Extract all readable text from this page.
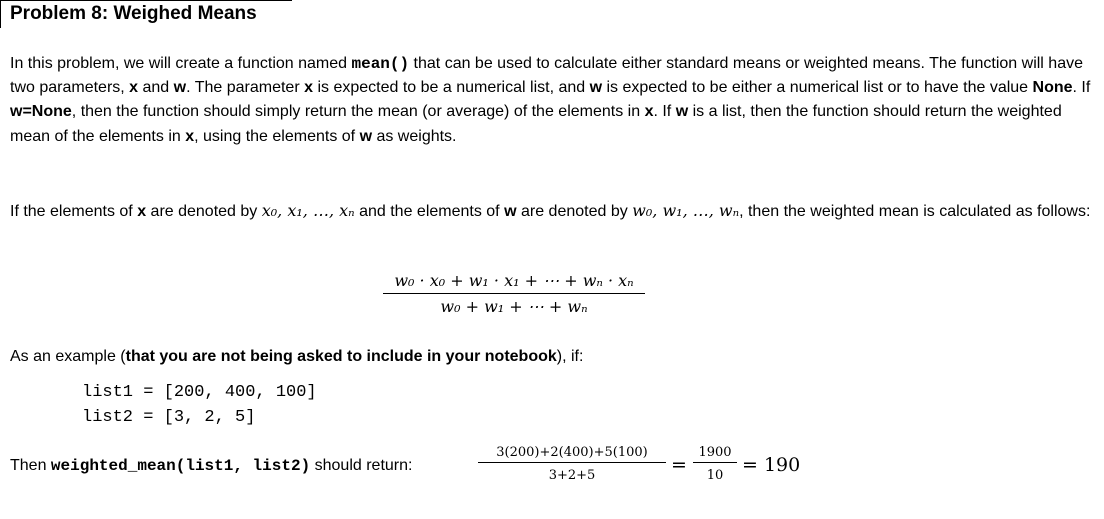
Problem 8: Weighed Means
In this problem, we will create a function named mean() that can be used to calculate either standard means or weighted means. The function will have two parameters, x and w. The parameter x is expected to be a numerical list, and w is expected to be either a numerical list or to have the value None. If w=None, then the function should simply return the mean (or average) of the elements in x. If w is a list, then the function should return the weighted mean of the elements in x, using the elements of w as weights.
If the elements of x are denoted by x₀, x₁, …, xₙ and the elements of w are denoted by w₀, w₁, …, wₙ, then the weighted mean is calculated as follows:
w₀ · x₀ + w₁ · x₁ + ⋯ + wₙ · xₙ
w₀ + w₁ + ⋯ + wₙ
As an example (that you are not being asked to include in your notebook), if:
list1 = [200, 400, 100]
list2 = [3, 2, 5]
Then weighted_mean(list1, list2) should return:
3(200)+2(400)+5(100)
3+2+5	=
1900
10 = 190
